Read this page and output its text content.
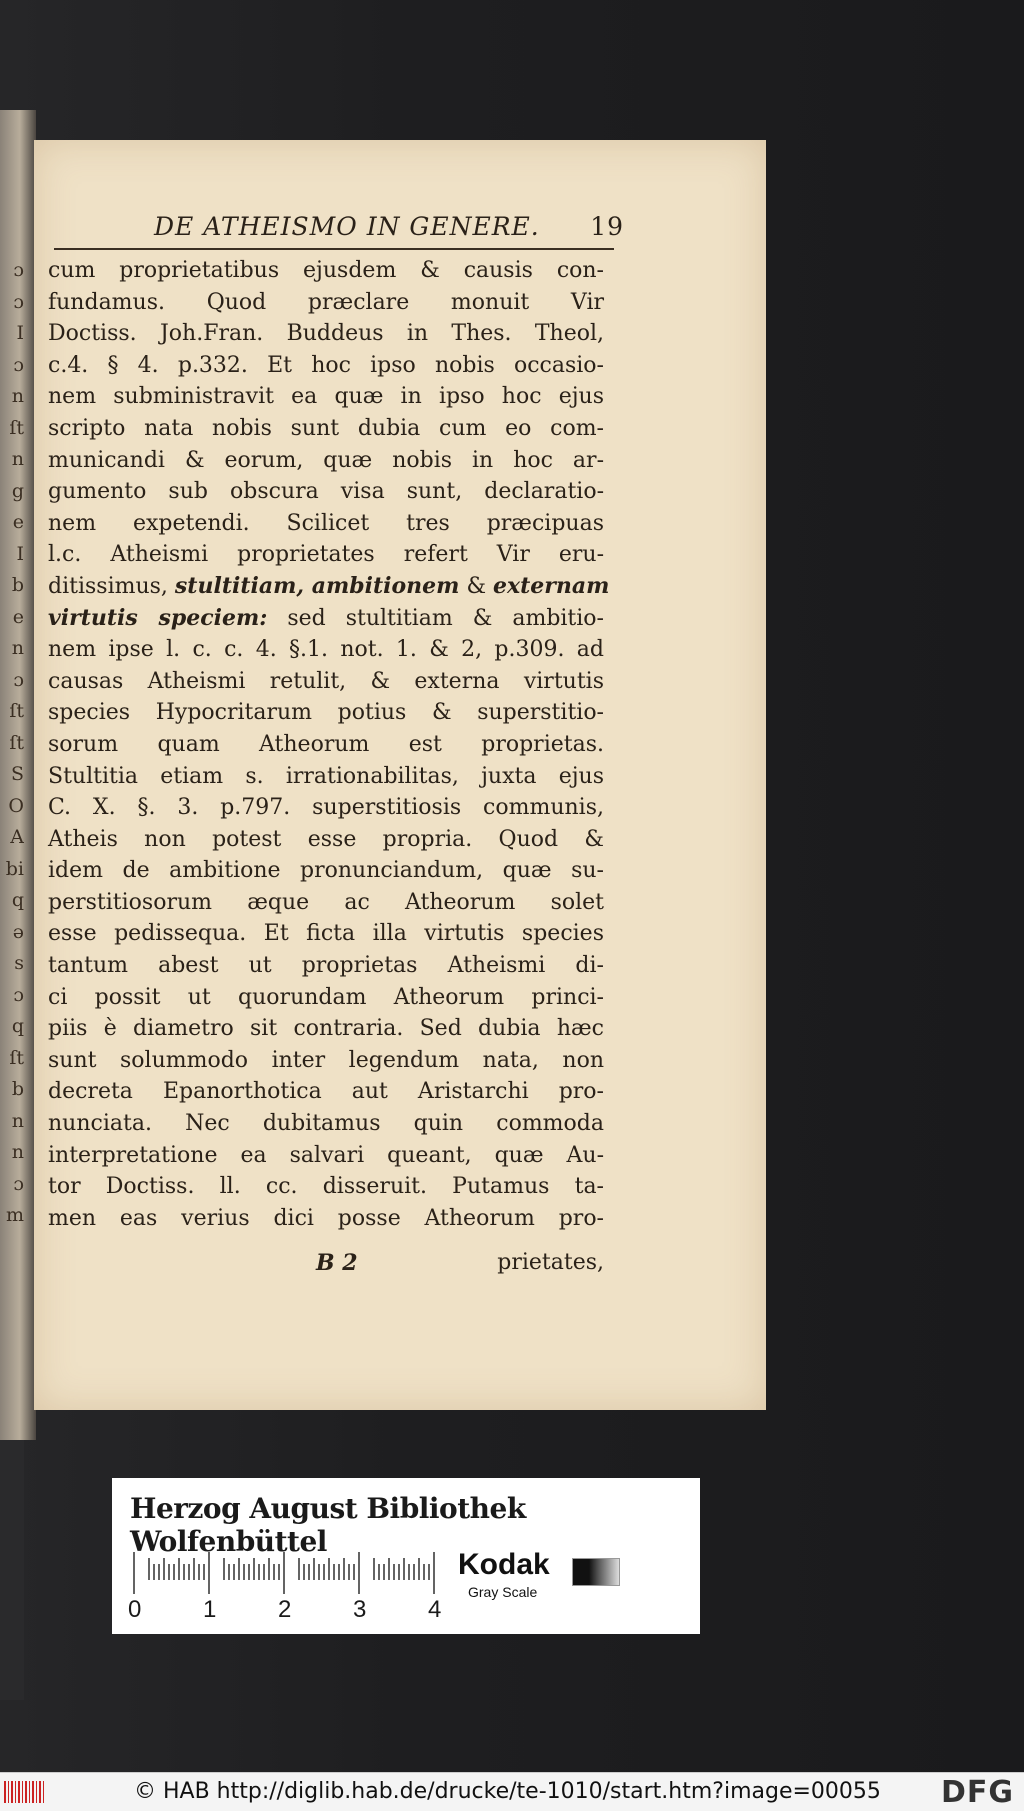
ɔ
ɔ
I
ɔ
n
ſt
n
g
e
I
b
e
n
ɔ
ſt
ſt
S
O
A
bi
q
ə
s
ɔ
q
ſt
b
n
n
ɔ
m
DE ATHEISMO IN GENERE. 19
cum proprietatibus ejusdem & causis con-
fundamus. Quod præclare monuit Vir
Doctiss. Joh.Fran. Buddeus in Thes. Theol,
c.4. § 4. p.332. Et hoc ipso nobis occasio-
nem subministravit ea quæ in ipso hoc ejus
scripto nata nobis sunt dubia cum eo com-
municandi & eorum, quæ nobis in hoc ar-
gumento sub obscura visa sunt, declaratio-
nem expetendi. Scilicet tres præcipuas
l.c. Atheismi proprietates refert Vir eru-
ditissimus, stultitiam, ambitionem & externam
virtutis speciem: sed stultitiam & ambitio-
nem ipse l. c. c. 4. §.1. not. 1. & 2, p.309. ad
causas Atheismi retulit, & externa virtutis
species Hypocritarum potius & superstitio-
sorum quam Atheorum est proprietas.
Stultitia etiam s. irrationabilitas, juxta ejus
C. X. §. 3. p.797. superstitiosis communis,
Atheis non potest esse propria. Quod &
idem de ambitione pronunciandum, quæ su-
perstitiosorum æque ac Atheorum solet
esse pedissequa. Et ficta illa virtutis species
tantum abest ut proprietas Atheismi di-
ci possit ut quorundam Atheorum princi-
piis è diametro sit contraria. Sed dubia hæc
sunt solummodo inter legendum nata, non
decreta Epanorthotica aut Aristarchi pro-
nunciata. Nec dubitamus quin commoda
interpretatione ea salvari queant, quæ Au-
tor Doctiss. ll. cc. disseruit. Putamus ta-
men eas verius dici posse Atheorum pro-
B 2	prietates,
Herzog August Bibliothek Wolfenbüttel
0	1	2	3	4
Kodak
Gray Scale
© HAB http://diglib.hab.de/drucke/te-1010/start.htm?image=00055 DFG
